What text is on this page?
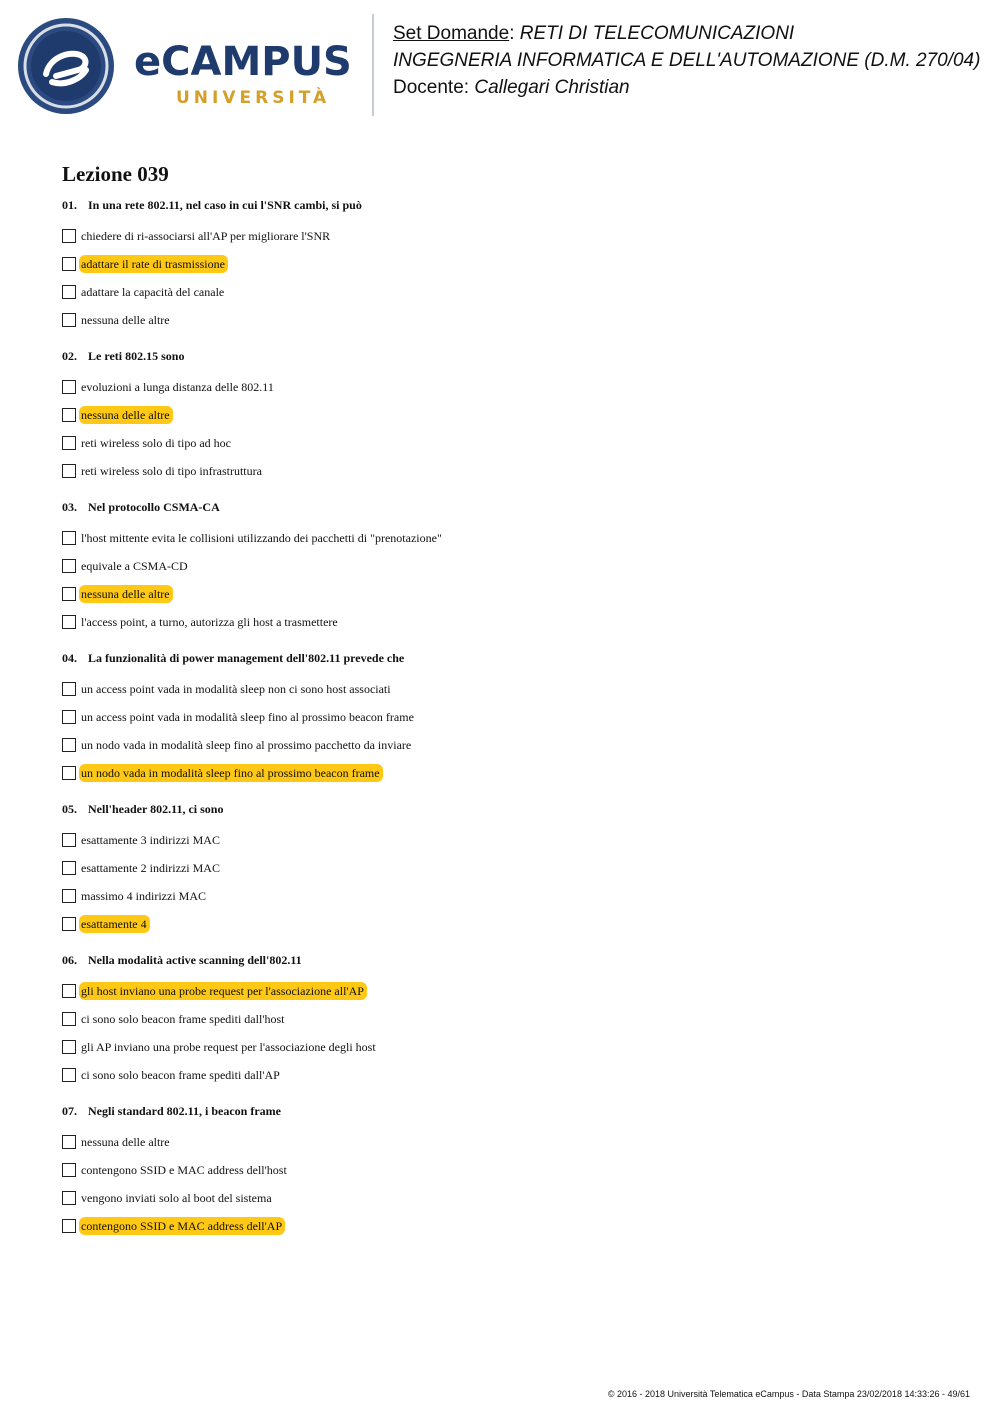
eCAMPUS
UNIVERSITÀ
Set Domande: RETI DI TELECOMUNICAZIONI
INGEGNERIA INFORMATICA E DELL'AUTOMAZIONE (D.M. 270/04)
Docente: Callegari Christian
Lezione 039
01. In una rete 802.11, nel caso in cui l'SNR cambi, si può
chiedere di ri-associarsi all'AP per migliorare l'SNR
adattare il rate di trasmissione
adattare la capacità del canale
nessuna delle altre
02. Le reti 802.15 sono
evoluzioni a lunga distanza delle 802.11
nessuna delle altre
reti wireless solo di tipo ad hoc
reti wireless solo di tipo infrastruttura
03. Nel protocollo CSMA-CA
l'host mittente evita le collisioni utilizzando dei pacchetti di "prenotazione"
equivale a CSMA-CD
nessuna delle altre
l'access point, a turno, autorizza gli host a trasmettere
04. La funzionalità di power management dell'802.11 prevede che
un access point vada in modalità sleep non ci sono host associati
un access point vada in modalità sleep fino al prossimo beacon frame
un nodo vada in modalità sleep fino al prossimo pacchetto da inviare
un nodo vada in modalità sleep fino al prossimo beacon frame
05. Nell'header 802.11, ci sono
esattamente 3 indirizzi MAC
esattamente 2 indirizzi MAC
massimo 4 indirizzi MAC
esattamente 4
06. Nella modalità active scanning dell'802.11
gli host inviano una probe request per l'associazione all'AP
ci sono solo beacon frame spediti dall'host
gli AP inviano una probe request per l'associazione degli host
ci sono solo beacon frame spediti dall'AP
07. Negli standard 802.11, i beacon frame
nessuna delle altre
contengono SSID e MAC address dell'host
vengono inviati solo al boot del sistema
contengono SSID e MAC address dell'AP
© 2016 - 2018 Università Telematica eCampus - Data Stampa 23/02/2018 14:33:26 - 49/61
